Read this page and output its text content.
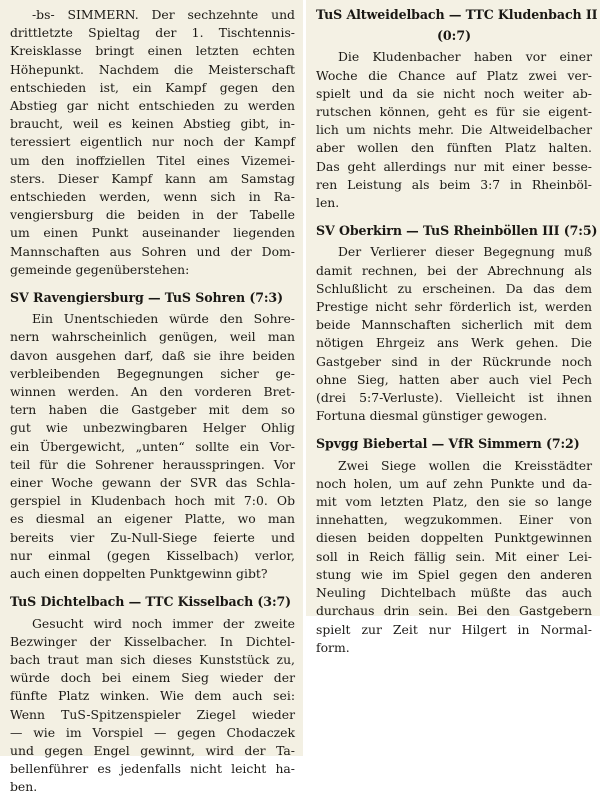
-bs- SIMMERN. Der sechzehnte und
drittletzte Spieltag der 1. Tischtennis-
Kreisklasse bringt einen letzten echten
Höhepunkt. Nachdem die Meisterschaft
entschieden ist, ein Kampf gegen den
Abstieg gar nicht entschieden zu werden
braucht, weil es keinen Abstieg gibt, in-
teressiert eigentlich nur noch der Kampf
um den inoffziellen Titel eines Vizemei-
sters. Dieser Kampf kann am Samstag
entschieden werden, wenn sich in Ra-
vengiersburg die beiden in der Tabelle
um einen Punkt auseinander liegenden
Mannschaften aus Sohren und der Dom-
gemeinde gegenüberstehen:
SV Ravengiersburg — TuS Sohren (7:3)
Ein Unentschieden würde den Sohre-
nern wahrscheinlich genügen, weil man
davon ausgehen darf, daß sie ihre beiden
verbleibenden Begegnungen sicher ge-
winnen werden. An den vorderen Bret-
tern haben die Gastgeber mit dem so
gut wie unbezwingbaren Helger Ohlig
ein Übergewicht, „unten“ sollte ein Vor-
teil für die Sohrener herausspringen. Vor
einer Woche gewann der SVR das Schla-
gerspiel in Kludenbach hoch mit 7:0. Ob
es diesmal an eigener Platte, wo man
bereits vier Zu-Null-Siege feierte und
nur einmal (gegen Kisselbach) verlor,
auch einen doppelten Punktgewinn gibt?
TuS Dichtelbach — TTC Kisselbach (3:7)
Gesucht wird noch immer der zweite
Bezwinger der Kisselbacher. In Dichtel-
bach traut man sich dieses Kunststück zu,
würde doch bei einem Sieg wieder der
fünfte Platz winken. Wie dem auch sei:
Wenn TuS-Spitzenspieler Ziegel wieder
— wie im Vorspiel — gegen Chodaczek
und gegen Engel gewinnt, wird der Ta-
bellenführer es jedenfalls nicht leicht ha-
ben.
TuS Altweidelbach — TTC Kludenbach II
(0:7)
Die Kludenbacher haben vor einer
Woche die Chance auf Platz zwei ver-
spielt und da sie nicht noch weiter ab-
rutschen können, geht es für sie eigent-
lich um nichts mehr. Die Altweidelbacher
aber wollen den fünften Platz halten.
Das geht allerdings nur mit einer besse-
ren Leistung als beim 3:7 in Rheinböl-
len.
SV Oberkirn — TuS Rheinböllen III (7:5)
Der Verlierer dieser Begegnung muß
damit rechnen, bei der Abrechnung als
Schlußlicht zu erscheinen. Da das dem
Prestige nicht sehr förderlich ist, werden
beide Mannschaften sicherlich mit dem
nötigen Ehrgeiz ans Werk gehen. Die
Gastgeber sind in der Rückrunde noch
ohne Sieg, hatten aber auch viel Pech
(drei 5:7-Verluste). Vielleicht ist ihnen
Fortuna diesmal günstiger gewogen.
Spvgg Biebertal — VfR Simmern (7:2)
Zwei Siege wollen die Kreisstädter
noch holen, um auf zehn Punkte und da-
mit vom letzten Platz, den sie so lange
innehatten, wegzukommen. Einer von
diesen beiden doppelten Punktgewinnen
soll in Reich fällig sein. Mit einer Lei-
stung wie im Spiel gegen den anderen
Neuling Dichtelbach müßte das auch
durchaus drin sein. Bei den Gastgebern
spielt zur Zeit nur Hilgert in Normal-
form.
